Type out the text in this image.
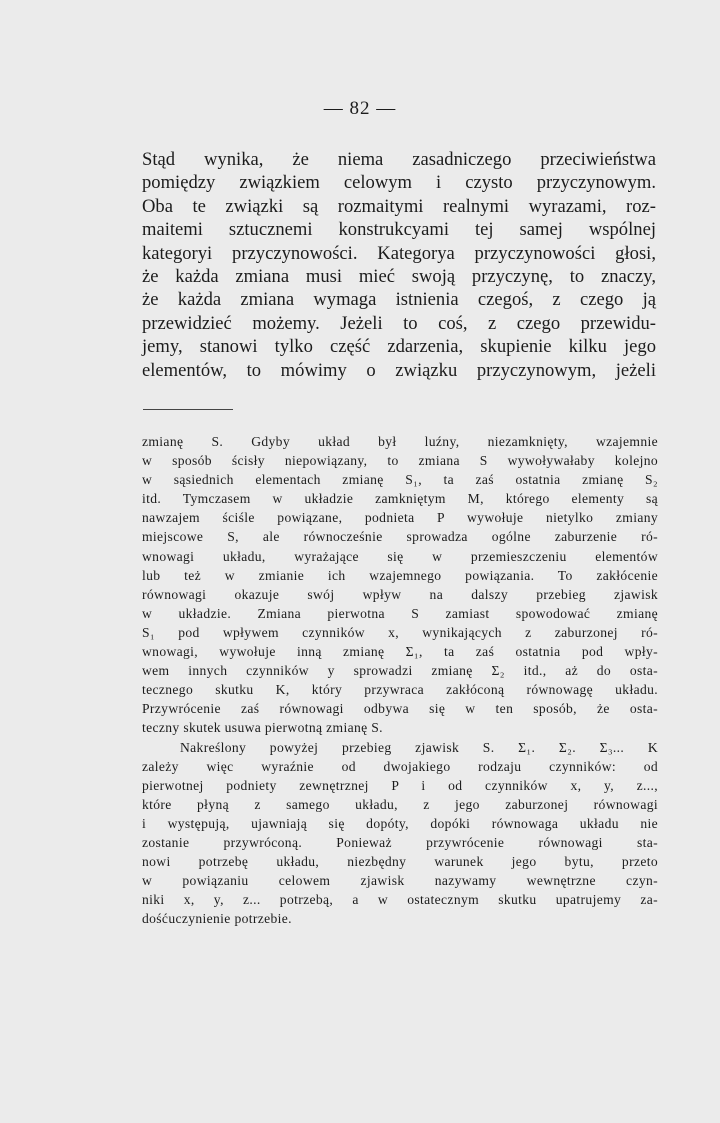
— 82 —
Stąd wynika, że niema zasadniczego przeciwieństwa
pomiędzy związkiem celowym i czysto przyczynowym.
Oba te związki są rozmaitymi realnymi wyrazami, roz-
maitemi sztucznemi konstrukcyami tej samej wspólnej
kategoryi przyczynowości. Kategorya przyczynowości głosi,
że każda zmiana musi mieć swoją przyczynę, to znaczy,
że każda zmiana wymaga istnienia czegoś, z czego ją
przewidzieć możemy. Jeżeli to coś, z czego przewidu-
jemy, stanowi tylko część zdarzenia, skupienie kilku jego
elementów, to mówimy o związku przyczynowym, jeżeli
zmianę S. Gdyby układ był luźny, niezamknięty, wzajemnie
w sposób ścisły niepowiązany, to zmiana S wywoływałaby kolejno
w sąsiednich elementach zmianę S₁, ta zaś ostatnia zmianę S₂
itd. Tymczasem w układzie zamkniętym M, którego elementy są
nawzajem ściśle powiązane, podnieta P wywołuje nietylko zmiany
miejscowe S, ale równocześnie sprowadza ogólne zaburzenie ró-
wnowagi układu, wyrażające się w przemieszczeniu elementów
lub też w zmianie ich wzajemnego powiązania. To zakłócenie
równowagi okazuje swój wpływ na dalszy przebieg zjawisk
w układzie. Zmiana pierwotna S zamiast spowodować zmianę
S₁ pod wpływem czynników x, wynikających z zaburzonej ró-
wnowagi, wywołuje inną zmianę Σ₁, ta zaś ostatnia pod wpły-
wem innych czynników y sprowadzi zmianę Σ₂ itd., aż do osta-
tecznego skutku K, który przywraca zakłóconą równowagę układu.
Przywrócenie zaś równowagi odbywa się w ten sposób, że osta-
teczny skutek usuwa pierwotną zmianę S.
Nakreślony powyżej przebieg zjawisk S. Σ₁. Σ₂. Σ₃... K
zależy więc wyraźnie od dwojakiego rodzaju czynników: od
pierwotnej podniety zewnętrznej P i od czynników x, y, z...,
które płyną z samego układu, z jego zaburzonej równowagi
i występują, ujawniają się dopóty, dopóki równowaga układu nie
zostanie przywróconą. Ponieważ przywrócenie równowagi sta-
nowi potrzebę układu, niezbędny warunek jego bytu, przeto
w powiązaniu celowem zjawisk nazywamy wewnętrzne czyn-
niki x, y, z... potrzebą, a w ostatecznym skutku upatrujemy za-
dośćuczynienie potrzebie.
